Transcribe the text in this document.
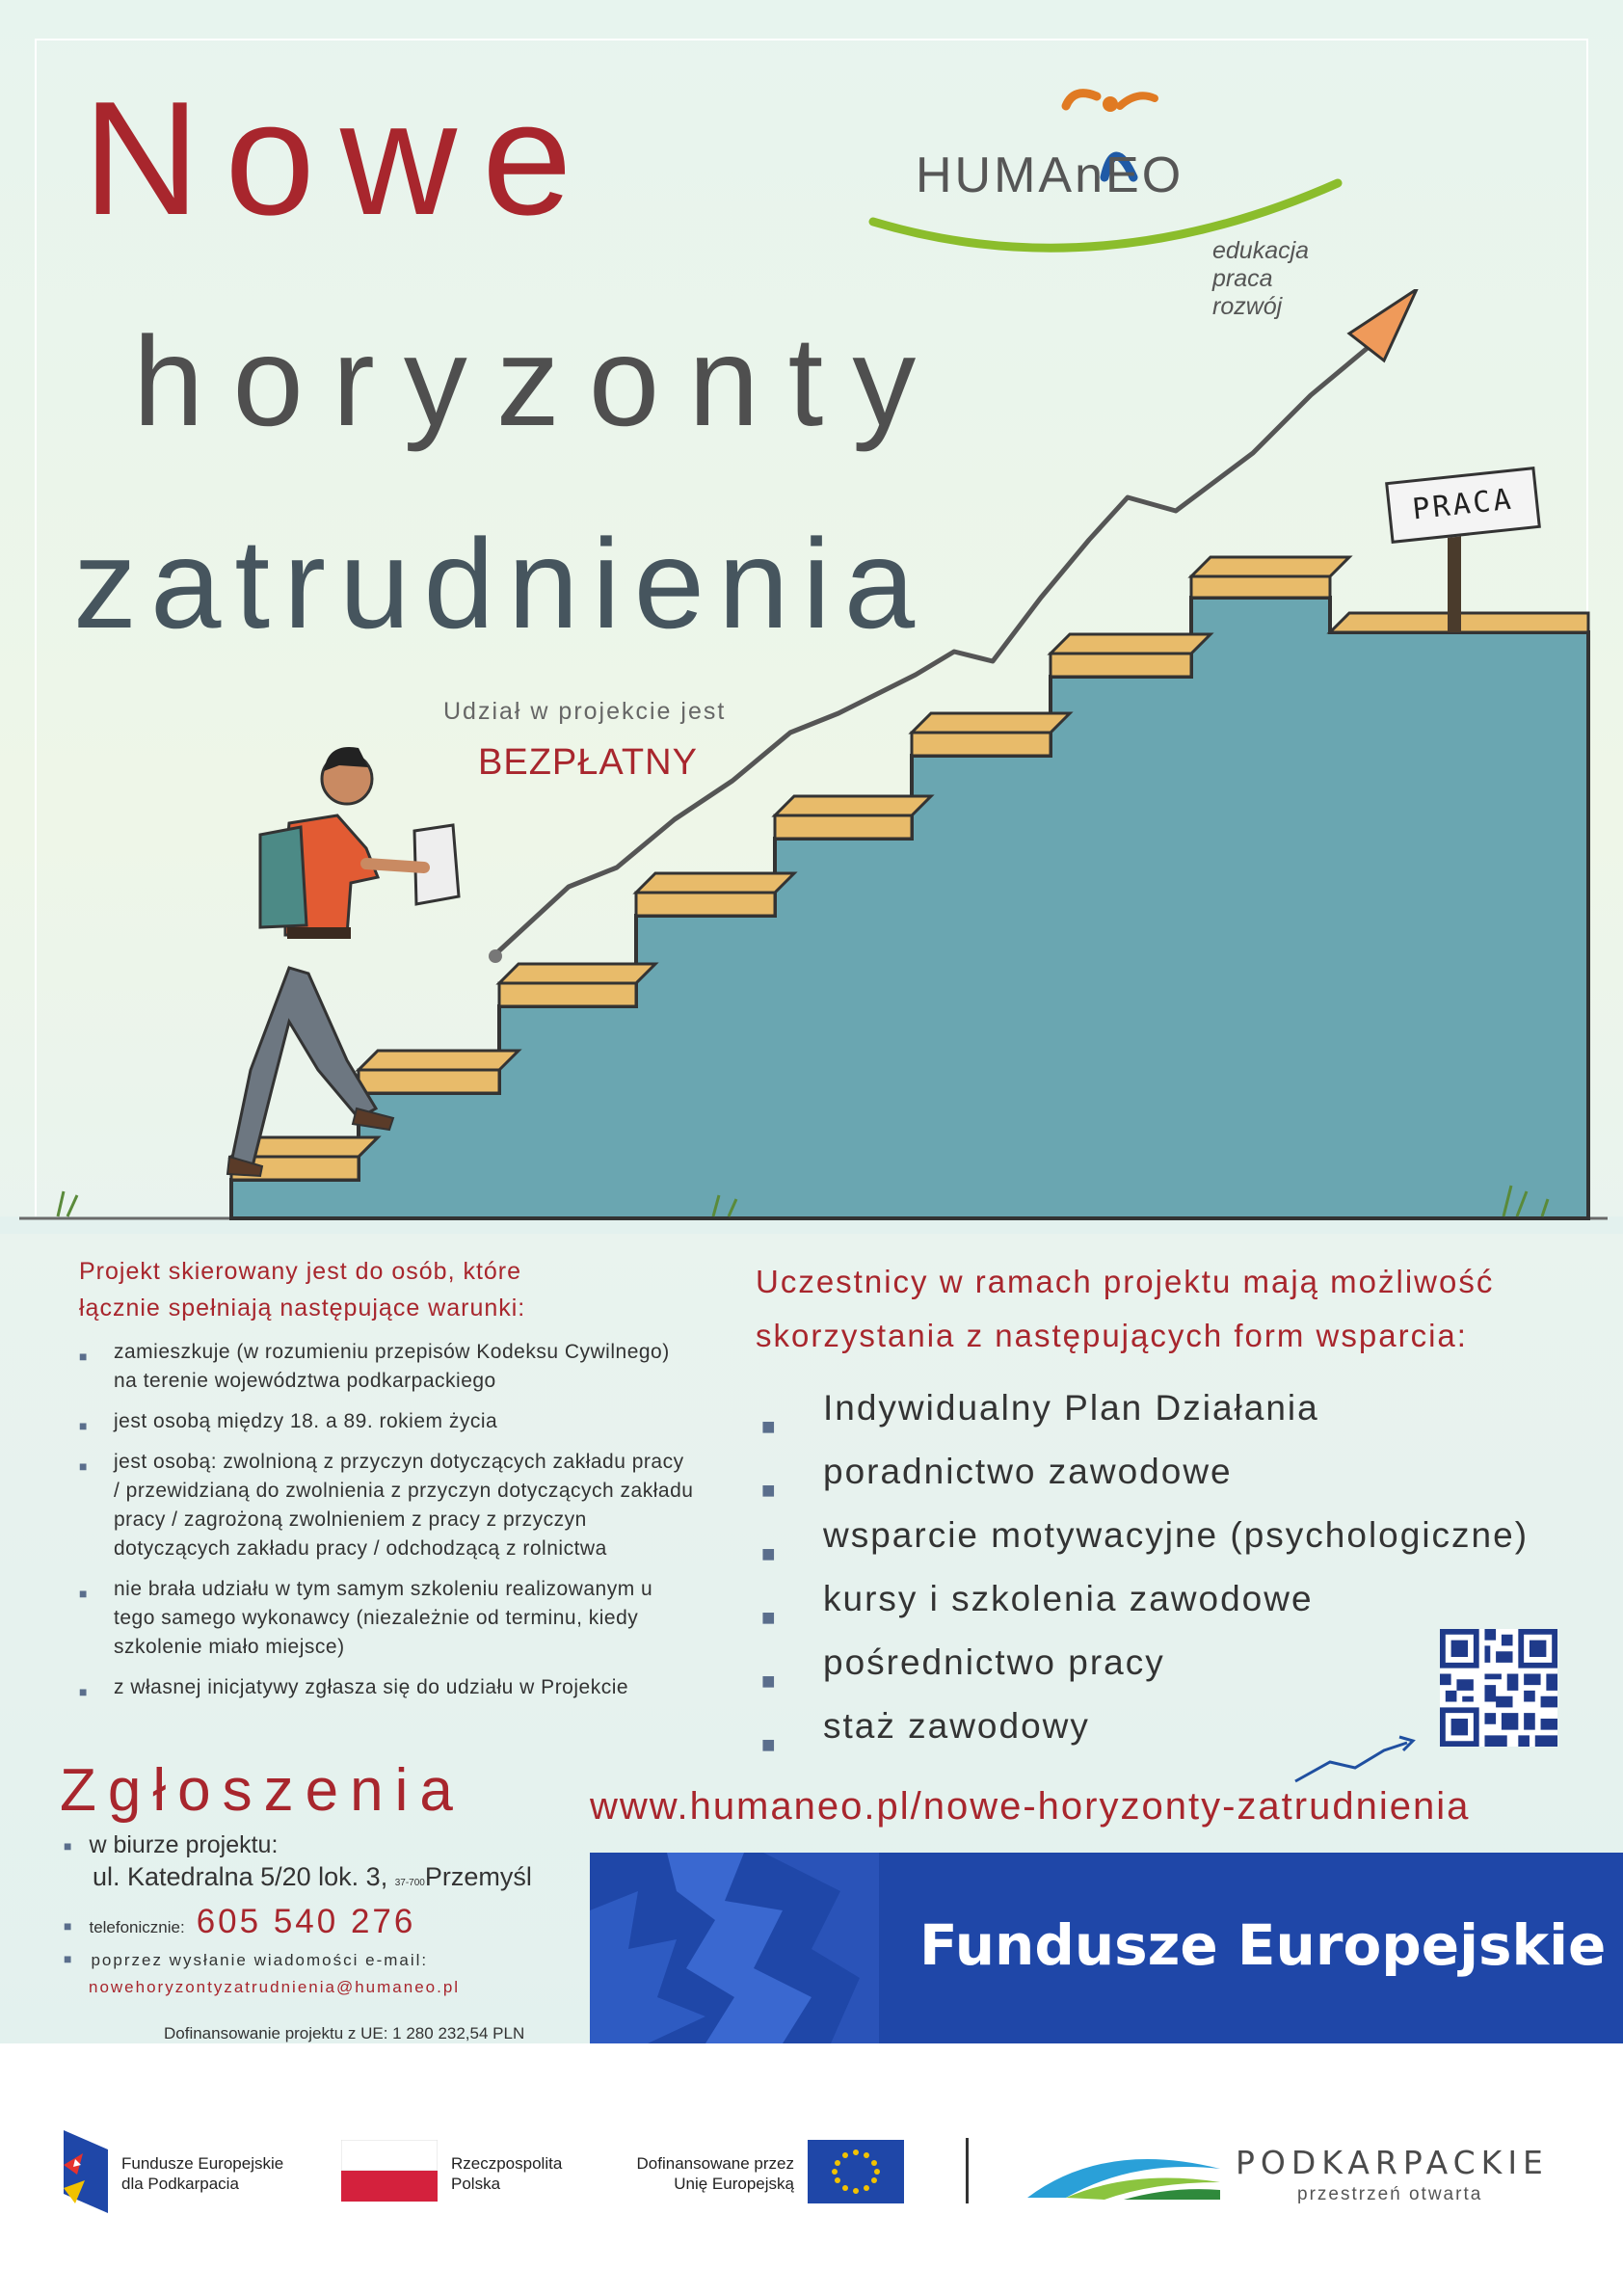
Nowe
horyzonty
zatrudnienia
Udział w projekcie jest
BEZPŁATNY
HUMAnEO
edukacja
praca
rozwój
PRACA
Projekt skierowany jest do osób, które
łącznie spełniają następujące warunki:
■ zamieszkuje (w rozumieniu przepisów Kodeksu Cywilnego) na terenie województwa podkarpackiego
■ jest osobą między 18. a 89. rokiem życia
■ jest osobą: zwolnioną z przyczyn dotyczących zakładu pracy / przewidzianą do zwolnienia z przyczyn dotyczących zakładu pracy / zagrożoną zwolnieniem z pracy z przyczyn dotyczących zakładu pracy / odchodzącą z rolnictwa
■ nie brała udziału w tym samym szkoleniu realizowanym u tego samego wykonawcy (niezależnie od terminu, kiedy szkolenie miało miejsce)
■ z własnej inicjatywy zgłasza się do udziału w Projekcie
Uczestnicy w ramach projektu mają możliwość
skorzystania z następujących form wsparcia:
■ Indywidualny Plan Działania
■ poradnictwo zawodowe
■ wsparcie motywacyjne (psychologiczne)
■ kursy i szkolenia zawodowe
■ pośrednictwo pracy
■ staż zawodowy
www.humaneo.pl/nowe-horyzonty-zatrudnienia
Zgłoszenia
■ w biurze projektu:
ul. Katedralna 5/20 lok. 3, 37-700Przemyśl
■ telefonicznie: 605 540 276
■ poprzez wysłanie wiadomości e-mail:
nowehoryzontyzatrudnienia@humaneo.pl
Dofinansowanie projektu z UE: 1 280 232,54 PLN
Fundusze Europejskie
Fundusze Europejskie
dla Podkarpacia
Rzeczpospolita
Polska
Dofinansowane przez
Unię Europejską
PODKARPACKIE
przestrzeń otwarta
